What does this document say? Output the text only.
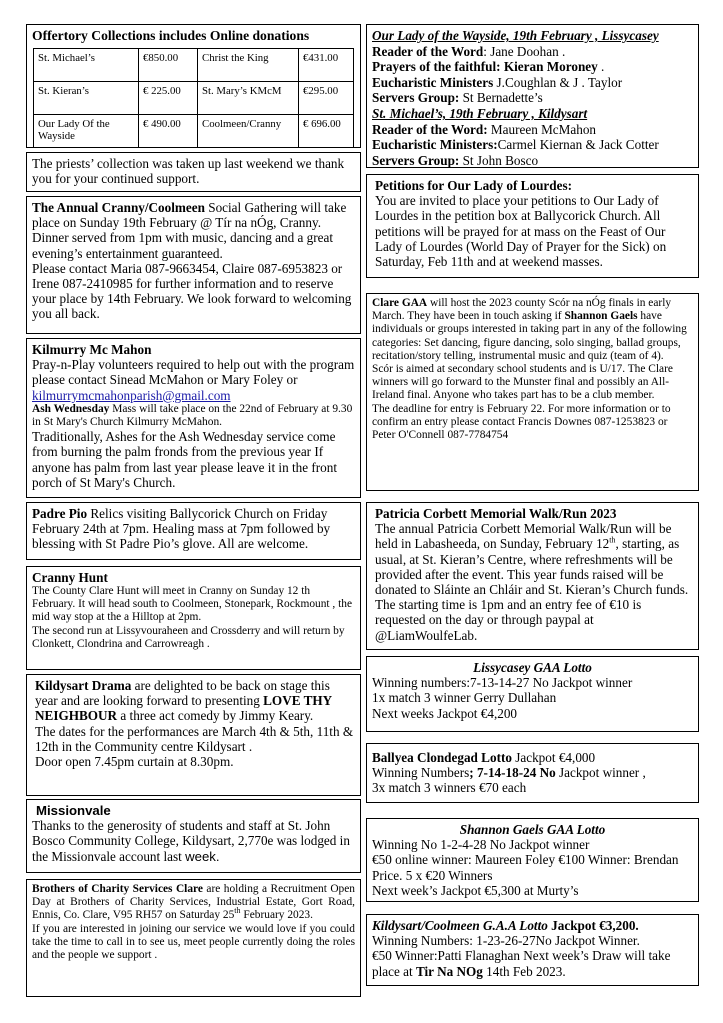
Offertory Collections includes Online donations
St. Michael’s	€850.00	Christ the King	€431.00
St. Kieran’s	€ 225.00	St. Mary’s KMcM	€295.00
Our Lady Of the Wayside	€ 490.00	Coolmeen/Cranny	€ 696.00

The priests’ collection was taken up last weekend we thank you for your continued support.

The Annual Cranny/Coolmeen Social Gathering will take place on Sunday 19th February @ Tír na nÓg, Cranny. Dinner served from 1pm with music, dancing and a great evening’s entertainment guaranteed.

Please contact Maria 087-9663454, Claire 087-6953823 or Irene 087-2410985 for further information and to reserve your place by 14th February. We look forward to welcoming you all back.

Kilmurry Mc Mahon

Pray-n-Play volunteers required to help out with the program please contact Sinead McMahon or Mary Foley or kilmurrymcmahonparish@gmail.com

Ash Wednesday Mass will take place on the 22nd of February at 9.30 in St Mary's Church Kilmurry McMahon.

Traditionally, Ashes for the Ash Wednesday service come from burning the palm fronds from the previous year If anyone has palm from last year please leave it in the front porch of St Mary's Church.

Padre Pio Relics visiting Ballycorick Church on Friday February 24th at 7pm. Healing mass at 7pm followed by blessing with St Padre Pio’s glove. All are welcome.

Cranny Hunt

The County Clare Hunt will meet in Cranny on Sunday 12 th February. It will head south to Coolmeen, Stonepark, Rockmount , the mid way stop at the a Hilltop at 2pm.

The second run at Lissyvouraheen and Crossderry and will return by Clonkett, Clondrina and Carrowreagh .

Kildysart Drama are delighted to be back on stage this year and are looking forward to presenting LOVE THY NEIGHBOUR a three act comedy by Jimmy Keary.

The dates for the performances are March 4th & 5th, 11th & 12th in the Community centre Kildysart .

Door open 7.45pm curtain at 8.30pm.

Missionvale

Thanks to the generosity of students and staff at St. John Bosco Community College, Kildysart, 2,770e was lodged in the Missionvale account last week.

Brothers of Charity Services Clare are holding a Recruitment Open Day at Brothers of Charity Services, Industrial Estate, Gort Road, Ennis, Co. Clare, V95 RH57 on Saturday 25th February 2023.

If you are interested in joining our service we would love if you could take the time to call in to see us, meet people currently doing the roles and the people we support .

Our Lady of the Wayside, 19th February , Lissycasey

Reader of the Word: Jane Doohan .

Prayers of the faithful: Kieran Moroney .

Eucharistic Ministers J.Coughlan & J . Taylor

Servers Group: St Bernadette’s

St. Michael’s, 19th February , Kildysart

Reader of the Word: Maureen McMahon

Eucharistic Ministers:Carmel Kiernan & Jack Cotter

Servers Group: St John Bosco

Petitions for Our Lady of Lourdes:

You are invited to place your petitions to Our Lady of Lourdes in the petition box at Ballycorick Church. All petitions will be prayed for at mass on the Feast of Our Lady of Lourdes (World Day of Prayer for the Sick) on Saturday, Feb 11th and at weekend masses.

Clare GAA will host the 2023 county Scór na nÓg finals in early March. They have been in touch asking if Shannon Gaels have individuals or groups interested in taking part in any of the following categories: Set dancing, figure dancing, solo singing, ballad groups, recitation/story telling, instrumental music and quiz (team of 4).

Scór is aimed at secondary school students and is U/17. The Clare winners will go forward to the Munster final and possibly an All-Ireland final. Anyone who takes part has to be a club member.

The deadline for entry is February 22. For more information or to confirm an entry please contact Francis Downes 087-1253823 or Peter O'Connell 087-7784754

Patricia Corbett Memorial Walk/Run 2023

The annual Patricia Corbett Memorial Walk/Run will be held in Labasheeda, on Sunday, February 12th, starting, as usual, at St. Kieran’s Centre, where refreshments will be provided after the event. This year funds raised will be donated to Sláinte an Chláir and St. Kieran’s Church funds. The starting time is 1pm and an entry fee of €10 is requested on the day or through paypal at @LiamWoulfeLab.

Lissycasey GAA Lotto

Winning numbers:7-13-14-27 No Jackpot winner

1x match 3 winner Gerry Dullahan

Next weeks Jackpot €4,200

Ballyea Clondegad Lotto Jackpot €4,000

Winning Numbers; 7-14-18-24 No Jackpot winner ,

3x match 3 winners €70 each

Shannon Gaels GAA Lotto

Winning No 1-2-4-28 No Jackpot winner

€50 online winner: Maureen Foley €100 Winner: Brendan Price. 5 x €20 Winners

Next week’s Jackpot €5,300 at Murty’s

Kildysart/Coolmeen G.A.A Lotto Jackpot €3,200.

Winning Numbers: 1-23-26-27No Jackpot Winner.

€50 Winner:Patti Flanaghan Next week’s Draw will take place at Tir Na NOg 14th Feb 2023.
